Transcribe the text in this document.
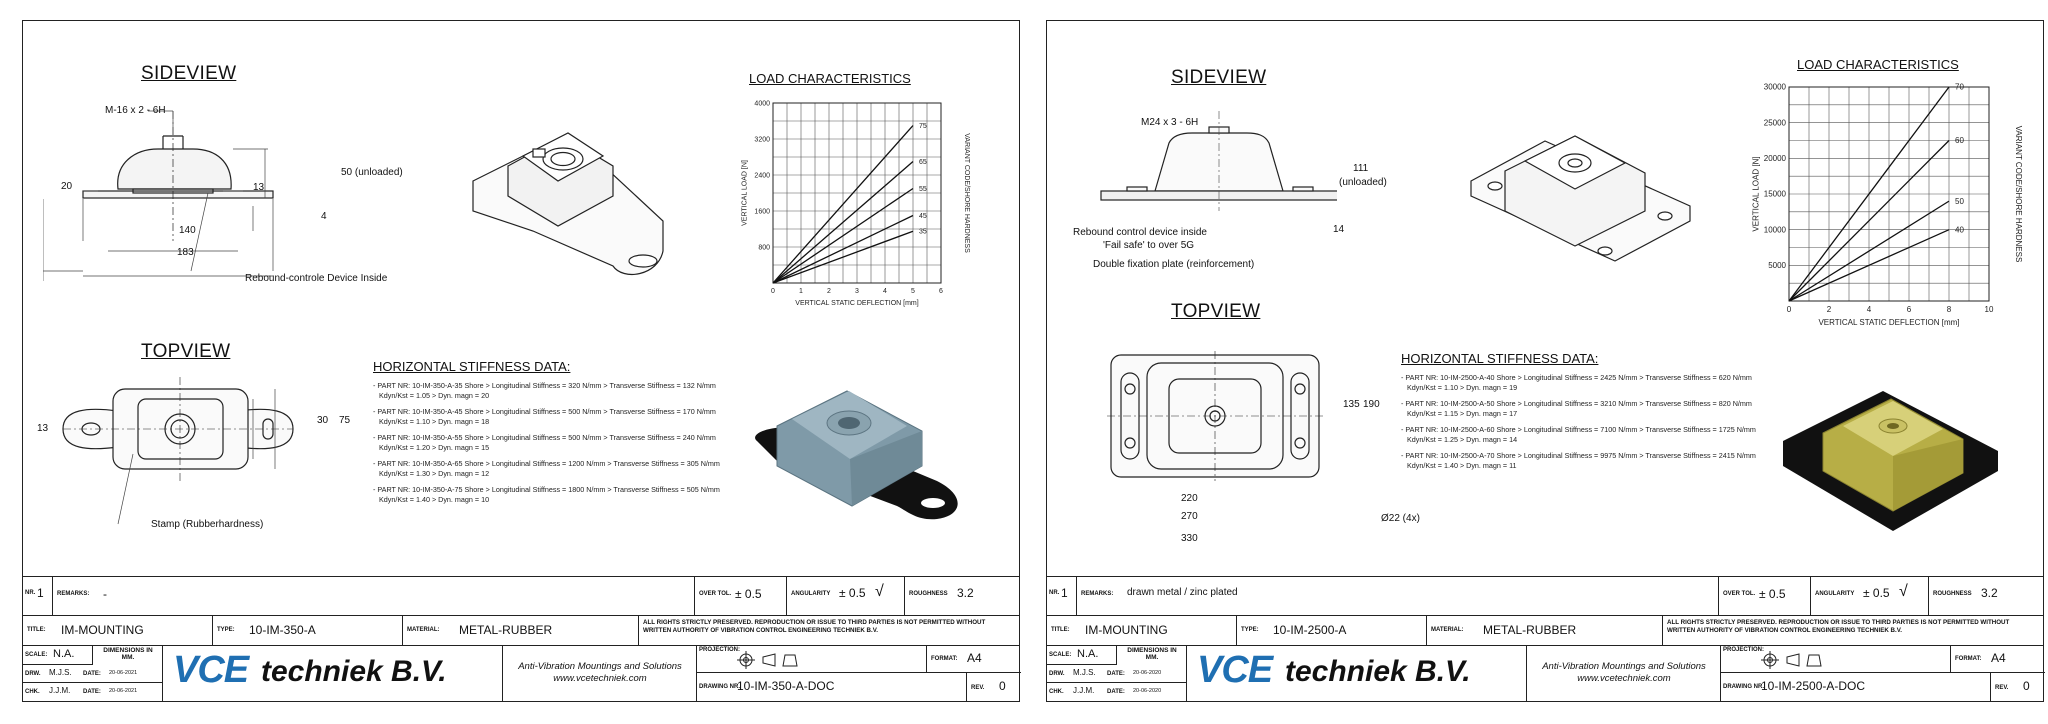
SIDEVIEW
TOPVIEW
M-16 x 2 - 6H
50 (unloaded)
20	13
4
140
183
Rebound-controle Device Inside
13
30 75
Stamp (Rubberhardness)
LOAD CHARACTERISTICS
0	1	2	3	4	5	6
800
1600
2400
3200
4000
VERTICAL STATIC DEFLECTION [mm]
VERTICAL LOAD [N]	VARIANT CODE/SHORE HARDNESS
35
45
55
65
75
HORIZONTAL STIFFNESS DATA:
- PART NR: 10-IM-350-A-35 Shore > Longitudinal Stiffness = 320 N/mm > Transverse Stiffness = 132 N/mm
Kdyn/Kst = 1.05 > Dyn. magn = 20
- PART NR: 10-IM-350-A-45 Shore > Longitudinal Stiffness = 500 N/mm > Transverse Stiffness = 170 N/mm
Kdyn/Kst = 1.10 > Dyn. magn = 18
- PART NR: 10-IM-350-A-55 Shore > Longitudinal Stiffness = 500 N/mm > Transverse Stiffness = 240 N/mm
Kdyn/Kst = 1.20 > Dyn. magn = 15
- PART NR: 10-IM-350-A-65 Shore > Longitudinal Stiffness = 1200 N/mm > Transverse Stiffness = 305 N/mm
Kdyn/Kst = 1.30 > Dyn. magn = 12
- PART NR: 10-IM-350-A-75 Shore > Longitudinal Stiffness = 1800 N/mm > Transverse Stiffness = 505 N/mm
Kdyn/Kst = 1.40 > Dyn. magn = 10
NR. 1 REMARKS: -	OVER TOL. ± 0.5	ANGULARITY ± 0.5 √	ROUGHNESS 3.2
TITLE: IM-MOUNTING	TYPE: 10-IM-350-A	MATERIAL: METAL-RUBBER
ALL RIGHTS STRICTLY PRESERVED. REPRODUCTION OR ISSUE TO THIRD PARTIES IS NOT PERMITTED WITHOUT WRITTEN AUTHORITY OF VIBRATION CONTROL ENGINEERING TECHNIEK B.V.
SCALE: N.A.	DIMENSIONS IN MM.
DRW. M.J.S. DATE: 20-06-2021
CHK. J.J.M. DATE: 20-06-2021 VCE techniek B.V.	Anti-Vibration Mountings and Solutions
www.vcetechniek.com
PROJECTION:
FORMAT: A4
DRAWING NR.
10-IM-350-A-DOC	REV. 0
SIDEVIEW
TOPVIEW
M24 x 3 - 6H
111
(unloaded)
14
Rebound control device inside
'Fail safe' to over 5G
Double fixation plate (reinforcement)
135 190
220
270
330
Ø22 (4x)
LOAD CHARACTERISTICS
0	2	4	6	8	10
5000
10000
15000
20000
25000
30000
VERTICAL STATIC DEFLECTION [mm]
VERTICAL LOAD [N]	VARIANT CODE/SHORE HARDNESS
40
50
60
70
HORIZONTAL STIFFNESS DATA:
- PART NR: 10-IM-2500-A-40 Shore > Longitudinal Stiffness = 2425 N/mm > Transverse Stiffness = 620 N/mm
Kdyn/Kst = 1.10 > Dyn. magn = 19
- PART NR: 10-IM-2500-A-50 Shore > Longitudinal Stiffness = 3210 N/mm > Transverse Stiffness = 820 N/mm
Kdyn/Kst = 1.15 > Dyn. magn = 17
- PART NR: 10-IM-2500-A-60 Shore > Longitudinal Stiffness = 7100 N/mm > Transverse Stiffness = 1725 N/mm
Kdyn/Kst = 1.25 > Dyn. magn = 14
- PART NR: 10-IM-2500-A-70 Shore > Longitudinal Stiffness = 9975 N/mm > Transverse Stiffness = 2415 N/mm
Kdyn/Kst = 1.40 > Dyn. magn = 11
NR. 1 REMARKS: drawn metal / zinc plated	OVER TOL. ± 0.5	ANGULARITY ± 0.5 √	ROUGHNESS 3.2
TITLE: IM-MOUNTING	TYPE: 10-IM-2500-A	MATERIAL: METAL-RUBBER
ALL RIGHTS STRICTLY PRESERVED. REPRODUCTION OR ISSUE TO THIRD PARTIES IS NOT PERMITTED WITHOUT WRITTEN AUTHORITY OF VIBRATION CONTROL ENGINEERING TECHNIEK B.V.
SCALE: N.A.	DIMENSIONS IN MM.
DRW. M.J.S. DATE: 20-06-2020
CHK. J.J.M. DATE: 20-06-2020 VCE techniek B.V.	Anti-Vibration Mountings and Solutions
www.vcetechniek.com
PROJECTION:
FORMAT: A4
DRAWING NR.
10-IM-2500-A-DOC	REV. 0
